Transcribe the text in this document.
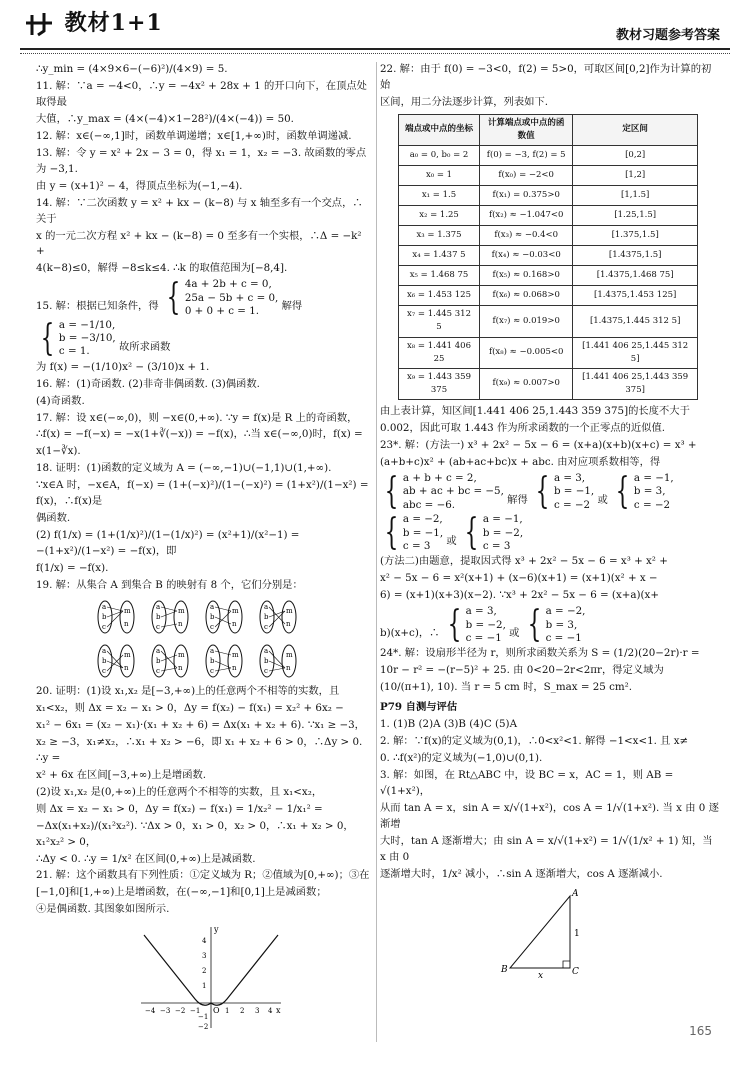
教材1+1	教材习题参考答案
∴y_min = (4×9×6−(−6)²)/(4×9) = 5.
11. 解：∵a = −4<0，∴y = −4x² + 28x + 1 的开口向下，在顶点处取得最
大值，∴y_max = (4×(−4)×1−28²)/(4×(−4)) = 50.
12. 解：x∈(−∞,1]时，函数单调递增；x∈[1,+∞)时，函数单调递减.
13. 解：令 y = x² + 2x − 3 = 0，得 x₁ = 1，x₂ = −3. 故函数的零点为 −3,1.
由 y = (x+1)² − 4，得顶点坐标为(−1,−4).
14. 解：∵二次函数 y = x² + kx − (k−8) 与 x 轴至多有一个交点，∴关于
x 的一元二次方程 x² + kx − (k−8) = 0 至多有一个实根，∴Δ = −k² +
4(k−8)≤0，解得 −8≤k≤4. ∴k 的取值范围为[−8,4].
15. 解：根据已知条件，得 { 4a + 2b + c = 0,
25a − 5b + c = 0,
0 + 0 + c = 1.	解得
{ a = −1/10,
b = −3/10,
c = 1.	故所求函数
为 f(x) = −(1/10)x² − (3/10)x + 1.
16. 解：(1)奇函数. (2)非奇非偶函数. (3)偶函数.
(4)奇函数.
17. 解：设 x∈(−∞,0)，则 −x∈(0,+∞). ∵y = f(x)是 R 上的奇函数，
∴f(x) = −f(−x) = −x(1+∛(−x)) = −f(x)，∴当 x∈(−∞,0)时，f(x) =
x(1−∛x).
18. 证明：(1)函数的定义域为 A = (−∞,−1)∪(−1,1)∪(1,+∞).
∵x∈A 时，−x∈A，f(−x) = (1+(−x)²)/(1−(−x)²) = (1+x²)/(1−x²) = f(x)，∴f(x)是
偶函数.
(2) f(1/x) = (1+(1/x)²)/(1−(1/x)²) = (x²+1)/(x²−1) = −(1+x²)/(1−x²) = −f(x)，即
f(1/x) = −f(x).
19. 解：从集合 A 到集合 B 的映射有 8 个，它们分别是：
a
b
c
m
n
a
b
c
m
n
a
b
c
m
n
a
b
c
m
n
a
b
c
m
n
a
b
c
m
n
a
b
c
m
n
a
b
c
m
n
20. 证明：(1)设 x₁,x₂ 是[−3,+∞)上的任意两个不相等的实数，且
x₁<x₂，则 Δx = x₂ − x₁ > 0，Δy = f(x₂) − f(x₁) = x₂² + 6x₂ −
x₁² − 6x₁ = (x₂ − x₁)·(x₁ + x₂ + 6) = Δx(x₁ + x₂ + 6). ∵x₁ ≥ −3，
x₂ ≥ −3，x₁≠x₂，∴x₁ + x₂ > −6，即 x₁ + x₂ + 6 > 0，∴Δy > 0. ∴y =
x² + 6x 在区间[−3,+∞)上是增函数.
(2)设 x₁,x₂ 是(0,+∞)上的任意两个不相等的实数，且 x₁<x₂，
则 Δx = x₂ − x₁ > 0，Δy = f(x₂) − f(x₁) = 1/x₂² − 1/x₁² =
−Δx(x₁+x₂)/(x₁²x₂²). ∵Δx > 0，x₁ > 0，x₂ > 0，∴x₁ + x₂ > 0，x₁²x₂² > 0，
∴Δy < 0. ∴y = 1/x² 在区间(0,+∞)上是减函数.
21. 解：这个函数具有下列性质：①定义域为 R；②值域为[0,+∞)；③在
[−1,0]和[1,+∞)上是增函数，在(−∞,−1]和[0,1]上是减函数；
④是偶函数. 其图象如图所示.
y
x
O
4
3
2
1
−1
−2
−4 −3 −2 −1	1 2 3 4
22. 解：由于 f(0) = −3<0，f(2) = 5>0，可取区间[0,2]作为计算的初始
区间，用二分法逐步计算，列表如下.
端点或中点的坐标	计算端点或中点的函数值	定区间
a₀ = 0, b₀ = 2	f(0) = −3, f(2) = 5	[0,2]
x₀ = 1	f(x₀) = −2<0	[1,2]
x₁ = 1.5	f(x₁) = 0.375>0	[1,1.5]
x₂ = 1.25	f(x₂) ≈ −1.047<0	[1.25,1.5]
x₃ = 1.375	f(x₃) ≈ −0.4<0	[1.375,1.5]
x₄ = 1.437 5	f(x₄) ≈ −0.03<0	[1.4375,1.5]
x₅ = 1.468 75	f(x₅) ≈ 0.168>0	[1.4375,1.468 75]
x₆ = 1.453 125	f(x₆) ≈ 0.068>0	[1.4375,1.453 125]
x₇ = 1.445 312 5	f(x₇) ≈ 0.019>0	[1.4375,1.445 312 5]
x₈ = 1.441 406 25	f(x₈) ≈ −0.005<0	[1.441 406 25,1.445 312 5]
x₉ = 1.443 359 375	f(x₉) ≈ 0.007>0	[1.441 406 25,1.443 359 375]
由上表计算，知区间[1.441 406 25,1.443 359 375]的长度不大于
0.002，因此可取 1.443 作为所求函数的一个正零点的近似值.
23*. 解：(方法一) x³ + 2x² − 5x − 6 = (x+a)(x+b)(x+c) = x³ +
(a+b+c)x² + (ab+ac+bc)x + abc. 由对应项系数相等，得
{ a + b + c = 2,
ab + ac + bc = −5,
abc = −6.	解得 { a = 3,
b = −1,
c = −2 或 { a = −1,
b = 3,
c = −2
{ a = −2,
b = −1,
c = 3	或 { a = −1,
b = −2,
c = 3
(方法二)由题意，提取因式得 x³ + 2x² − 5x − 6 = x³ + x² +
x² − 5x − 6 = x²(x+1) + (x−6)(x+1) = (x+1)(x² + x −
6) = (x+1)(x+3)(x−2). ∵x³ + 2x² − 5x − 6 = (x+a)(x+
b)(x+c)，∴ { a = 3,
b = −2,
c = −1 或 { a = −2,
b = 3,
c = −1
24*. 解：设扇形半径为 r，则所求函数关系为 S = (1/2)(20−2r)·r =
10r − r² = −(r−5)² + 25. 由 0<20−2r<2πr，得定义域为
(10/(π+1), 10). 当 r = 5 cm 时，S_max = 25 cm².
P79 自测与评估
1. (1)B (2)A (3)B (4)C (5)A
2. 解：∵f(x)的定义域为(0,1)，∴0<x²<1. 解得 −1<x<1. 且 x≠
0. ∴f(x²)的定义域为(−1,0)∪(0,1).
3. 解：如图，在 Rt△ABC 中，设 BC = x，AC = 1，则 AB = √(1+x²)，
从而 tan A = x，sin A = x/√(1+x²)，cos A = 1/√(1+x²). 当 x 由 0 逐渐增
大时，tan A 逐渐增大；由 sin A = x/√(1+x²) = 1/√(1/x² + 1) 知，当 x 由 0
逐渐增大时，1/x² 减小，∴sin A 逐渐增大，cos A 逐渐减小.
A
B	C
1
x
165
